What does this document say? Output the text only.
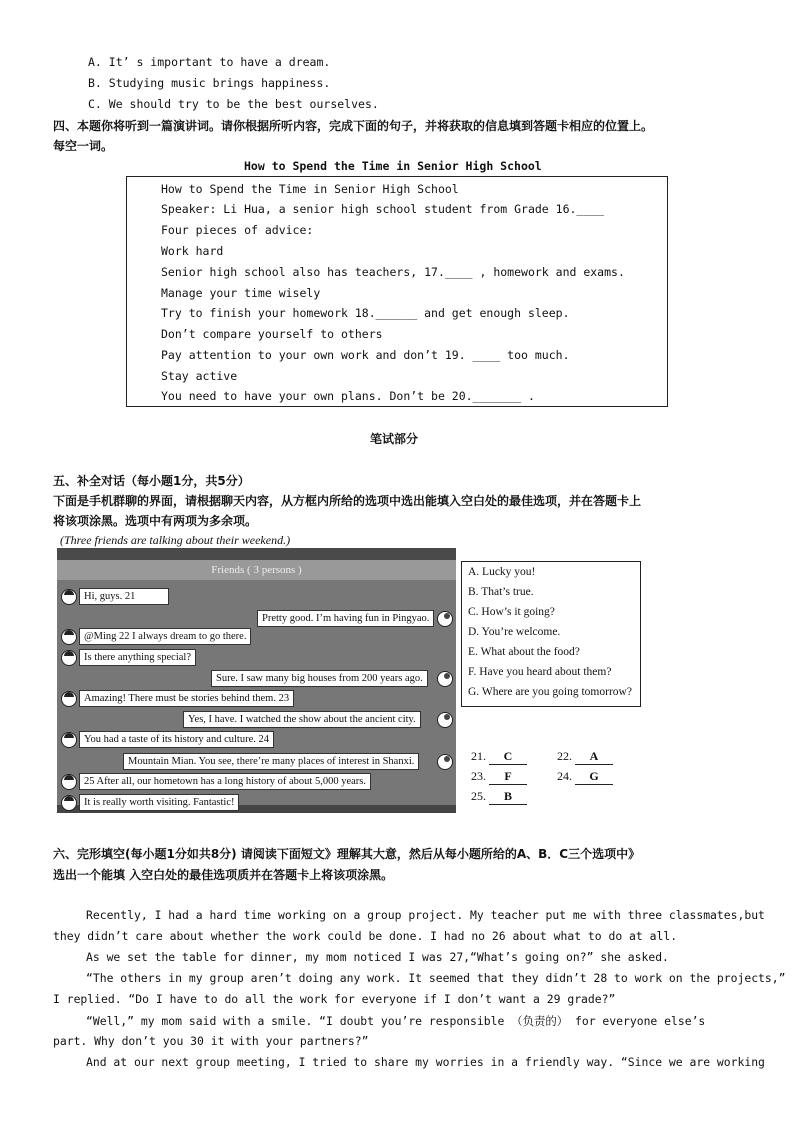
A. It’ s important to have a dream.
B. Studying music brings happiness.
C. We should try to be the best ourselves.
四、本题你将听到一篇演讲词。请你根据所听内容，完成下面的句子，并将获取的信息填到答题卡相应的位置上。
每空一词。
How to Spend the Time in Senior High School
How to Spend the Time in Senior High School
Speaker: Li Hua, a senior high school student from Grade 16.____
Four pieces of advice:
Work hard
Senior high school also has teachers, 17.____ , homework and exams.
Manage your time wisely
Try to finish your homework 18.______ and get enough sleep.
Don’t compare yourself to others
Pay attention to your own work and don’t 19. ____ too much.
Stay active
You need to have your own plans. Don’t be 20._______ .
笔试部分
五、补全对话（每小题1分，共5分）
下面是手机群聊的界面，请根据聊天内容，从方框内所给的选项中选出能填入空白处的最佳选项，并在答题卡上
将该项涂黑。选项中有两项为多余项。
(Three friends are talking about their weekend.)
Friends ( 3 persons )
Hi, guys. 21
Pretty good. I’m having fun in Pingyao.
@Ming 22 I always dream to go there.
Is there anything special?
Sure. I saw many big houses from 200 years ago.
Amazing! There must be stories behind them. 23
Yes, I have. I watched the show about the ancient city.
You had a taste of its history and culture. 24
Mountain Mian. You see, there’re many places of interest in Shanxi.
25 After all, our hometown has a long history of about 5,000 years.
It is really worth visiting. Fantastic!
A. Lucky you!
B. That’s true.
C. How’s it going?
D. You’re welcome.
E. What about the food?
F. Have you heard about them?
G. Where are you going tomorrow?
21. C	22. A
23. F	24. G
25. B
六、完形填空(每小题1分如共8分) 请阅读下面短文》理解其大意，然后从每小题所给的A、B．C三个选项中》
选出一个能填 入空白处的最佳选项质并在答题卡上将该项涂黑。
Recently, I had a hard time working on a group project. My teacher put me with three classmates,but
they didn’t care about whether the work could be done. I had no 26 about what to do at all.
As we set the table for dinner, my mom noticed I was 27,“What’s going on?” she asked.
“The others in my group aren’t doing any work. It seemed that they didn’t 28 to work on the projects,”
I replied. “Do I have to do all the work for everyone if I don’t want a 29 grade?”
“Well,” my mom said with a smile. “I doubt you’re responsible （负责的） for everyone else’s
part. Why don’t you 30 it with your partners?”
And at our next group meeting, I tried to share my worries in a friendly way. “Since we are working
